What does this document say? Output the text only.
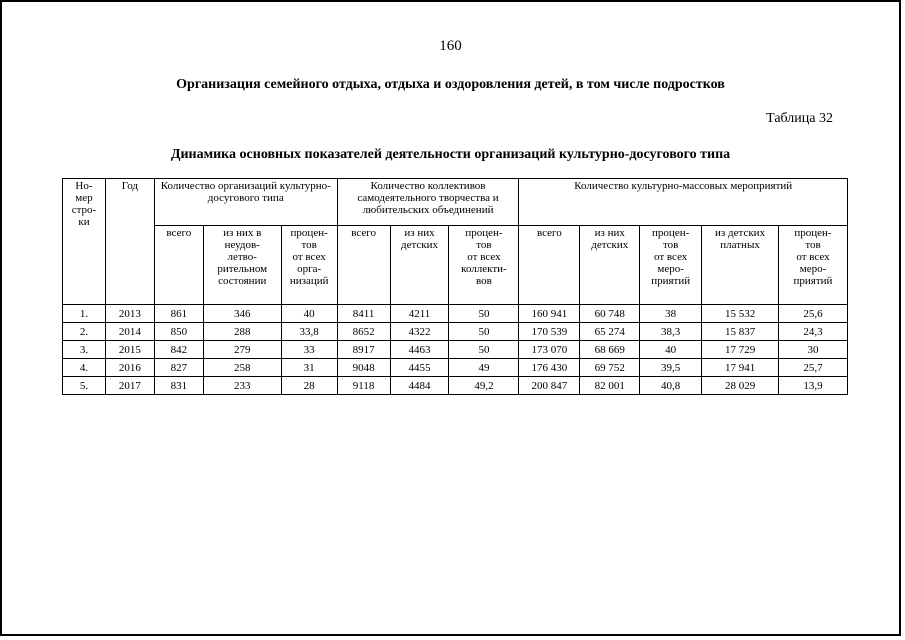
160
Организация семейного отдыха, отдыха и оздоровления детей, в том числе подростков
Таблица 32
Динамика основных показателей деятельности организаций культурно-досугового типа
Но-
мер
стро-
ки	Год	Количество организаций культурно-досугового типа			Количество коллективов самодеятельного творчества и любительских объединений			Количество культурно-массовых мероприятий				
		всего	из них в неудов-
летво-
рительном состоянии	процен-
тов
от всех
орга-
низаций	всего	из них детских	процен-
тов
от всех коллекти-
вов	всего	из них детских	процен-
тов
от всех
меро-
приятий	из детских платных	процен-
тов
от всех
меро-
приятий
1.	2013	861	346	40	8411	4211	50	160 941	60 748	38	15 532	25,6
2.	2014	850	288	33,8	8652	4322	50	170 539	65 274	38,3	15 837	24,3
3.	2015	842	279	33	8917	4463	50	173 070	68 669	40	17 729	30
4.	2016	827	258	31	9048	4455	49	176 430	69 752	39,5	17 941	25,7
5.	2017	831	233	28	9118	4484	49,2	200 847	82 001	40,8	28 029	13,9
